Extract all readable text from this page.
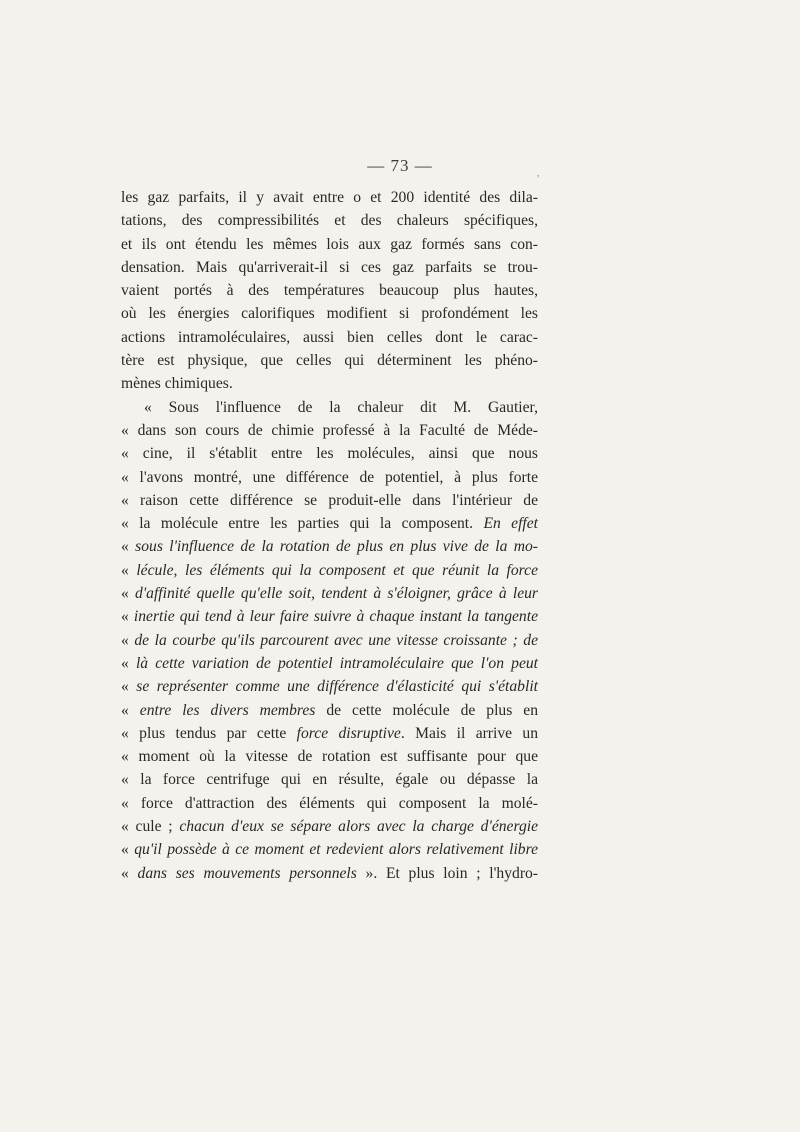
— 73 —	,
les gaz parfaits, il y avait entre o et 200 identité des dila-
tations, des compressibilités et des chaleurs spécifiques,
et ils ont étendu les mêmes lois aux gaz formés sans con-
densation. Mais qu'arriverait-il si ces gaz parfaits se trou-
vaient portés à des températures beaucoup plus hautes,
où les énergies calorifiques modifient si profondément les
actions intramoléculaires, aussi bien celles dont le carac-
tère est physique, que celles qui déterminent les phéno-
mènes chimiques.
« Sous l'influence de la chaleur dit M. Gautier,
« dans son cours de chimie professé à la Faculté de Méde-
« cine, il s'établit entre les molécules, ainsi que nous
« l'avons montré, une différence de potentiel, à plus forte
« raison cette différence se produit-elle dans l'intérieur de
« la molécule entre les parties qui la composent. En effet
« sous l'influence de la rotation de plus en plus vive de la mo-
« lécule, les éléments qui la composent et que réunit la force
« d'affinité quelle qu'elle soit, tendent à s'éloigner, grâce à leur
« inertie qui tend à leur faire suivre à chaque instant la tangente
« de la courbe qu'ils parcourent avec une vitesse croissante ; de
« là cette variation de potentiel intramoléculaire que l'on peut
« se représenter comme une différence d'élasticité qui s'établit
« entre les divers membres de cette molécule de plus en
« plus tendus par cette force disruptive. Mais il arrive un
« moment où la vitesse de rotation est suffisante pour que
« la force centrifuge qui en résulte, égale ou dépasse la
« force d'attraction des éléments qui composent la molé-
« cule ; chacun d'eux se sépare alors avec la charge d'énergie
« qu'il possède à ce moment et redevient alors relativement libre
« dans ses mouvements personnels ». Et plus loin ; l'hydro-
